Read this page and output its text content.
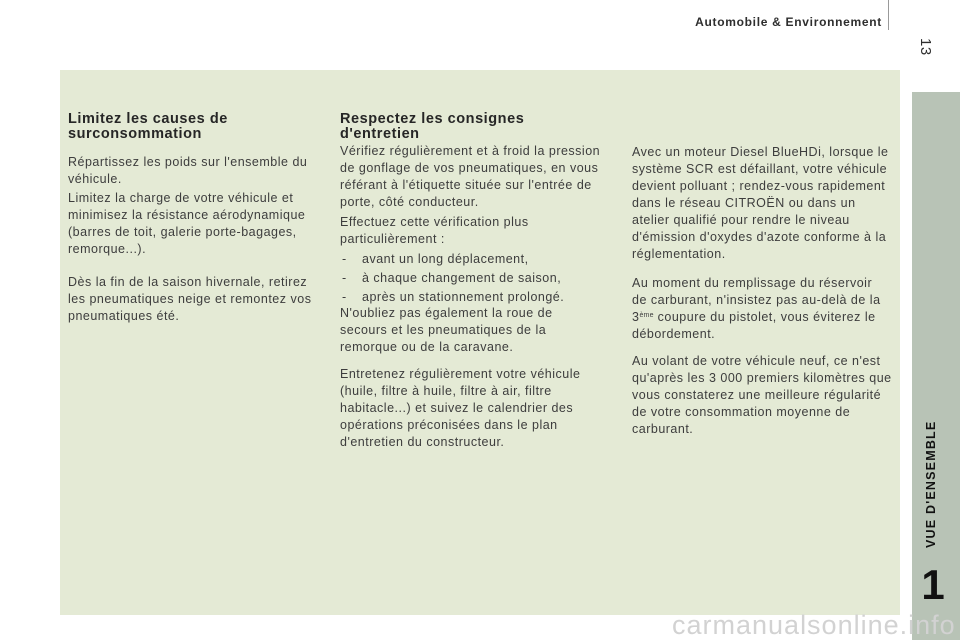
Automobile & Environnement
13
VUE D'ENSEMBLE
1
Limitez les causes de
surconsommation

Répartissez les poids sur l'ensemble du
véhicule.

Limitez la charge de votre véhicule et
minimisez la résistance aérodynamique
(barres de toit, galerie porte-bagages,
remorque...).

Dès la fin de la saison hivernale, retirez
les pneumatiques neige et remontez vos
pneumatiques été.

Respectez les consignes
d'entretien

Vérifiez régulièrement et à froid la pression
de gonflage de vos pneumatiques, en vous
référant à l'étiquette située sur l'entrée de
porte, côté conducteur.

Effectuez cette vérification plus
particulièrement :

- avant un long déplacement,
- à chaque changement de saison,
- après un stationnement prolongé.

N'oubliez pas également la roue de
secours et les pneumatiques de la
remorque ou de la caravane.

Entretenez régulièrement votre véhicule
(huile, filtre à huile, filtre à air, filtre
habitacle...) et suivez le calendrier des
opérations préconisées dans le plan
d'entretien du constructeur.

Avec un moteur Diesel BlueHDi, lorsque le
système SCR est défaillant, votre véhicule
devient polluant ; rendez-vous rapidement
dans le réseau CITROËN ou dans un
atelier qualifié pour rendre le niveau
d'émission d'oxydes d'azote conforme à la
réglementation.

Au moment du remplissage du réservoir
de carburant, n'insistez pas au-delà de la
3ème coupure du pistolet, vous éviterez le
débordement.

Au volant de votre véhicule neuf, ce n'est
qu'après les 3 000 premiers kilomètres que
vous constaterez une meilleure régularité
de votre consommation moyenne de
carburant.

carmanualsonline.info
